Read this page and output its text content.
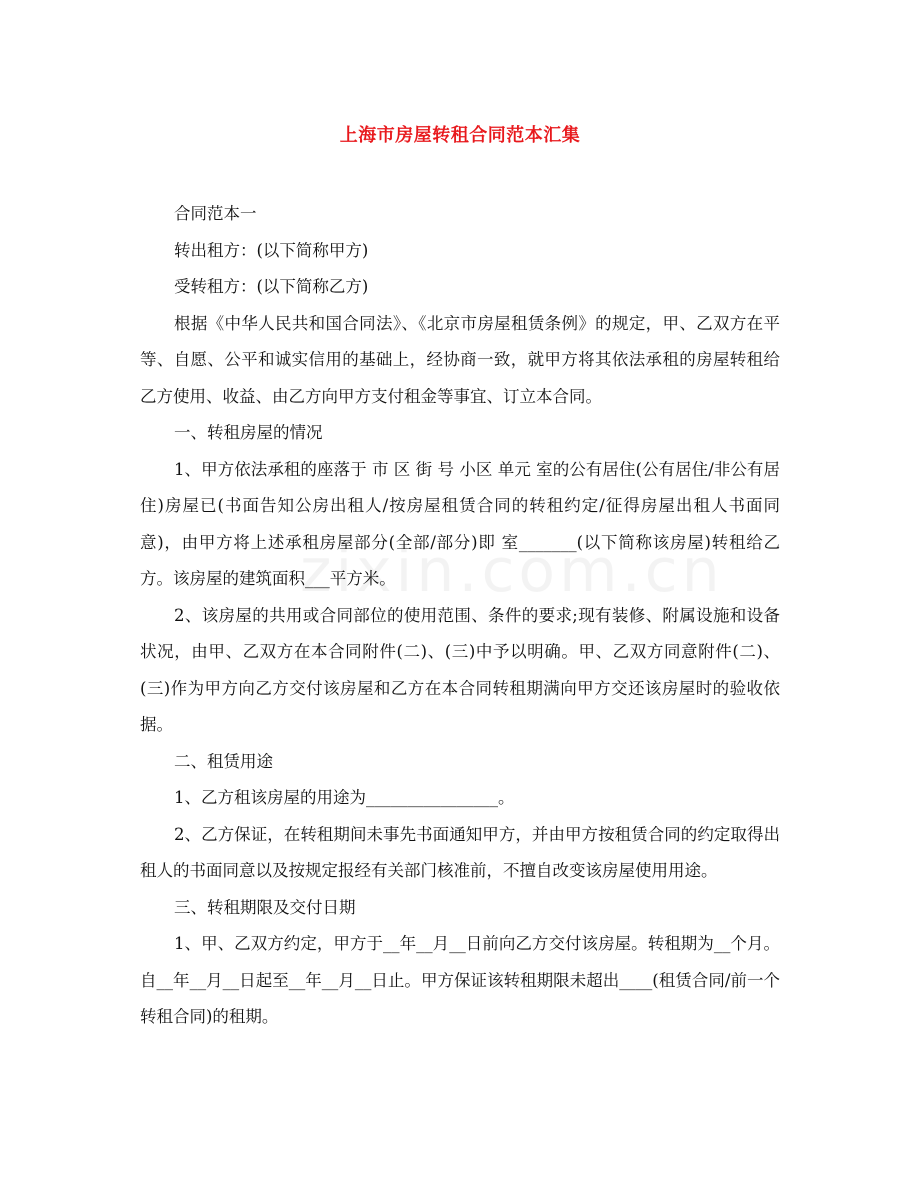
上海市房屋转租合同范本汇集

合同范本一

转出租方：(以下简称甲方)

受转租方：(以下简称乙方)

根据《中华人民共和国合同法》、《北京市房屋租赁条例》的规定，甲、乙双方在平等、自愿、公平和诚实信用的基础上，经协商一致，就甲方将其依法承租的房屋转租给乙方使用、收益、由乙方向甲方支付租金等事宜、订立本合同。

一、转租房屋的情况

1、甲方依法承租的座落于 市 区 街 号 小区 单元 室的公有居住(公有居住/非公有居住)房屋已(书面告知公房出租人/按房屋租赁合同的转租约定/征得房屋出租人书面同意)，由甲方将上述承租房屋部分(全部/部分)即 室_______(以下简称该房屋)转租给乙方。该房屋的建筑面积___平方米。

2、该房屋的共用或合同部位的使用范围、条件的要求;现有装修、附属设施和设备状况，由甲、乙双方在本合同附件(二)、(三)中予以明确。甲、乙双方同意附件(二)、(三)作为甲方向乙方交付该房屋和乙方在本合同转租期满向甲方交还该房屋时的验收依据。

二、租赁用途

1、乙方租该房屋的用途为________________。

2、乙方保证，在转租期间未事先书面通知甲方，并由甲方按租赁合同的约定取得出租人的书面同意以及按规定报经有关部门核准前，不擅自改变该房屋使用用途。

三、转租期限及交付日期

1、甲、乙双方约定，甲方于__年__月__日前向乙方交付该房屋。转租期为__个月。自__年__月__日起至__年__月__日止。甲方保证该转租期限未超出____(租赁合同/前一个转租合同)的租期。
